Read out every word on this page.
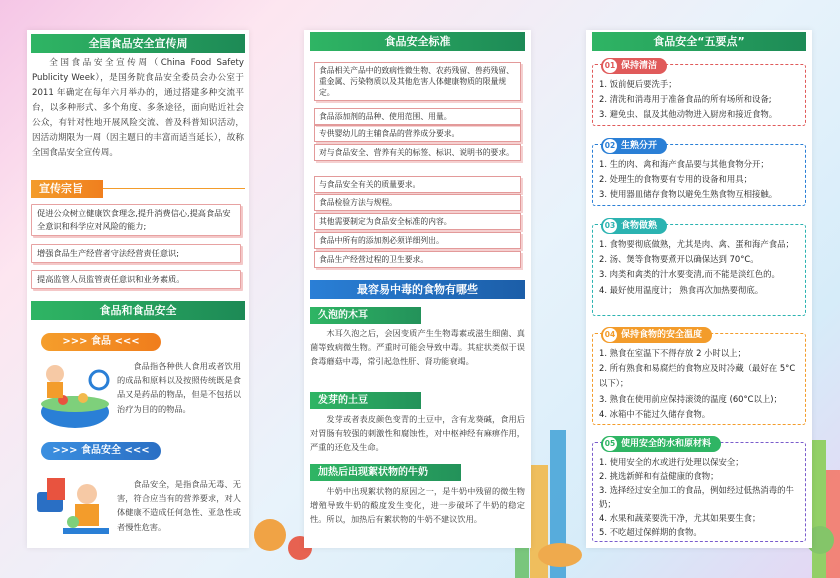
全国食品安全宣传周
全国食品安全宣传周（China Food Safety Publicity Week），是国务院食品安全委员会办公室于2011 年确定在每年六月举办的，通过搭建多种交流平台，以多种形式、多个角度、多条途径，面向贴近社会公众，有针对性地开展风险交流、普及科普知识活动，因活动期限为一周（因主题日的丰富而适当延长），故称全国食品安全宣传周。
宣传宗旨
促进公众树立健康饮食理念,提升消费信心,提高食品安全意识和科学应对风险的能力;
增强食品生产经营者守法经营责任意识;
提高监管人员监管责任意识和业务素质。
食品和食品安全
>>> 食品 <<<
食品指各种供人食用或者饮用的成品和原料以及按照传统既是食品又是药品的物品，但是不包括以治疗为目的的物品。
>>> 食品安全 <<<
食品安全，是指食品无毒、无害，符合应当有的营养要求，对人体健康不造成任何急性、亚急性或者慢性危害。
食品安全标准
食品相关产品中的致病性微生物、农药残留、兽药残留、重金属、污染物质以及其他危害人体健康物质的限量规定。
食品添加剂的品种、使用范围、用量。
专供婴幼儿的主辅食品的营养成分要求。
对与食品安全、营养有关的标签、标识、说明书的要求。
与食品安全有关的质量要求。
食品检验方法与规程。
其他需要制定为食品安全标准的内容。
食品中所有的添加剂必须详细列出。
食品生产经营过程的卫生要求。
最容易中毒的食物有哪些
久泡的木耳
木耳久泡之后，会因变质产生生物毒素或滋生细菌、真菌等致病微生物。严重时可能会导致中毒。其症状类似于误食毒蘑菇中毒，常引起急性肝、肾功能衰竭。
发芽的土豆
发芽或者表皮颜色变青的土豆中，含有龙葵碱，食用后对胃肠有较强的刺激性和腐蚀性，对中枢神经有麻痹作用，严重的还危及生命。
加热后出现絮状物的牛奶
牛奶中出现絮状物的原因之一，是牛奶中残留的微生物增殖导致牛奶的酸度发生变化，进一步破坏了牛奶的稳定性。所以，加热后有絮状物的牛奶不建议饮用。
食品安全“五要点”
01 保持清洁
1. 饭前便后要洗手；
2. 清洗和消毒用于准备食品的所有场所和设备;
3. 避免虫、鼠及其他动物进入厨房和接近食物。
02 生熟分开
1. 生的肉、禽和海产食品要与其他食物分开；
2. 处理生的食物要有专用的设备和用具；
3. 使用器皿储存食物以避免生熟食物互相接触。
03 食物做熟
1. 食物要彻底做熟，尤其是肉、禽、蛋和海产食品；
2. 汤、煲等食物要煮开以确保达到 70°C。
3. 肉类和禽类的汁水要变清,而不能是淡红色的。
4. 最好使用温度计； 熟食再次加热要彻底。
04 保持食物的安全温度
1. 熟食在室温下不得存放 2 小时以上；
2. 所有熟食和易腐烂的食物应及时冷藏（最好在 5°C以下）；
3. 熟食在使用前应保持滚烫的温度 (60°C以上)；
4. 冰箱中不能过久储存食物。
05 使用安全的水和原材料
1. 使用安全的水或进行处理以保安全；
2. 挑选新鲜和有益健康的食物；
3. 选择经过安全加工的食品，例如经过低热消毒的牛奶；
4. 水果和蔬菜要洗干净，尤其如果要生食；
5. 不吃超过保鲜期的食物。
